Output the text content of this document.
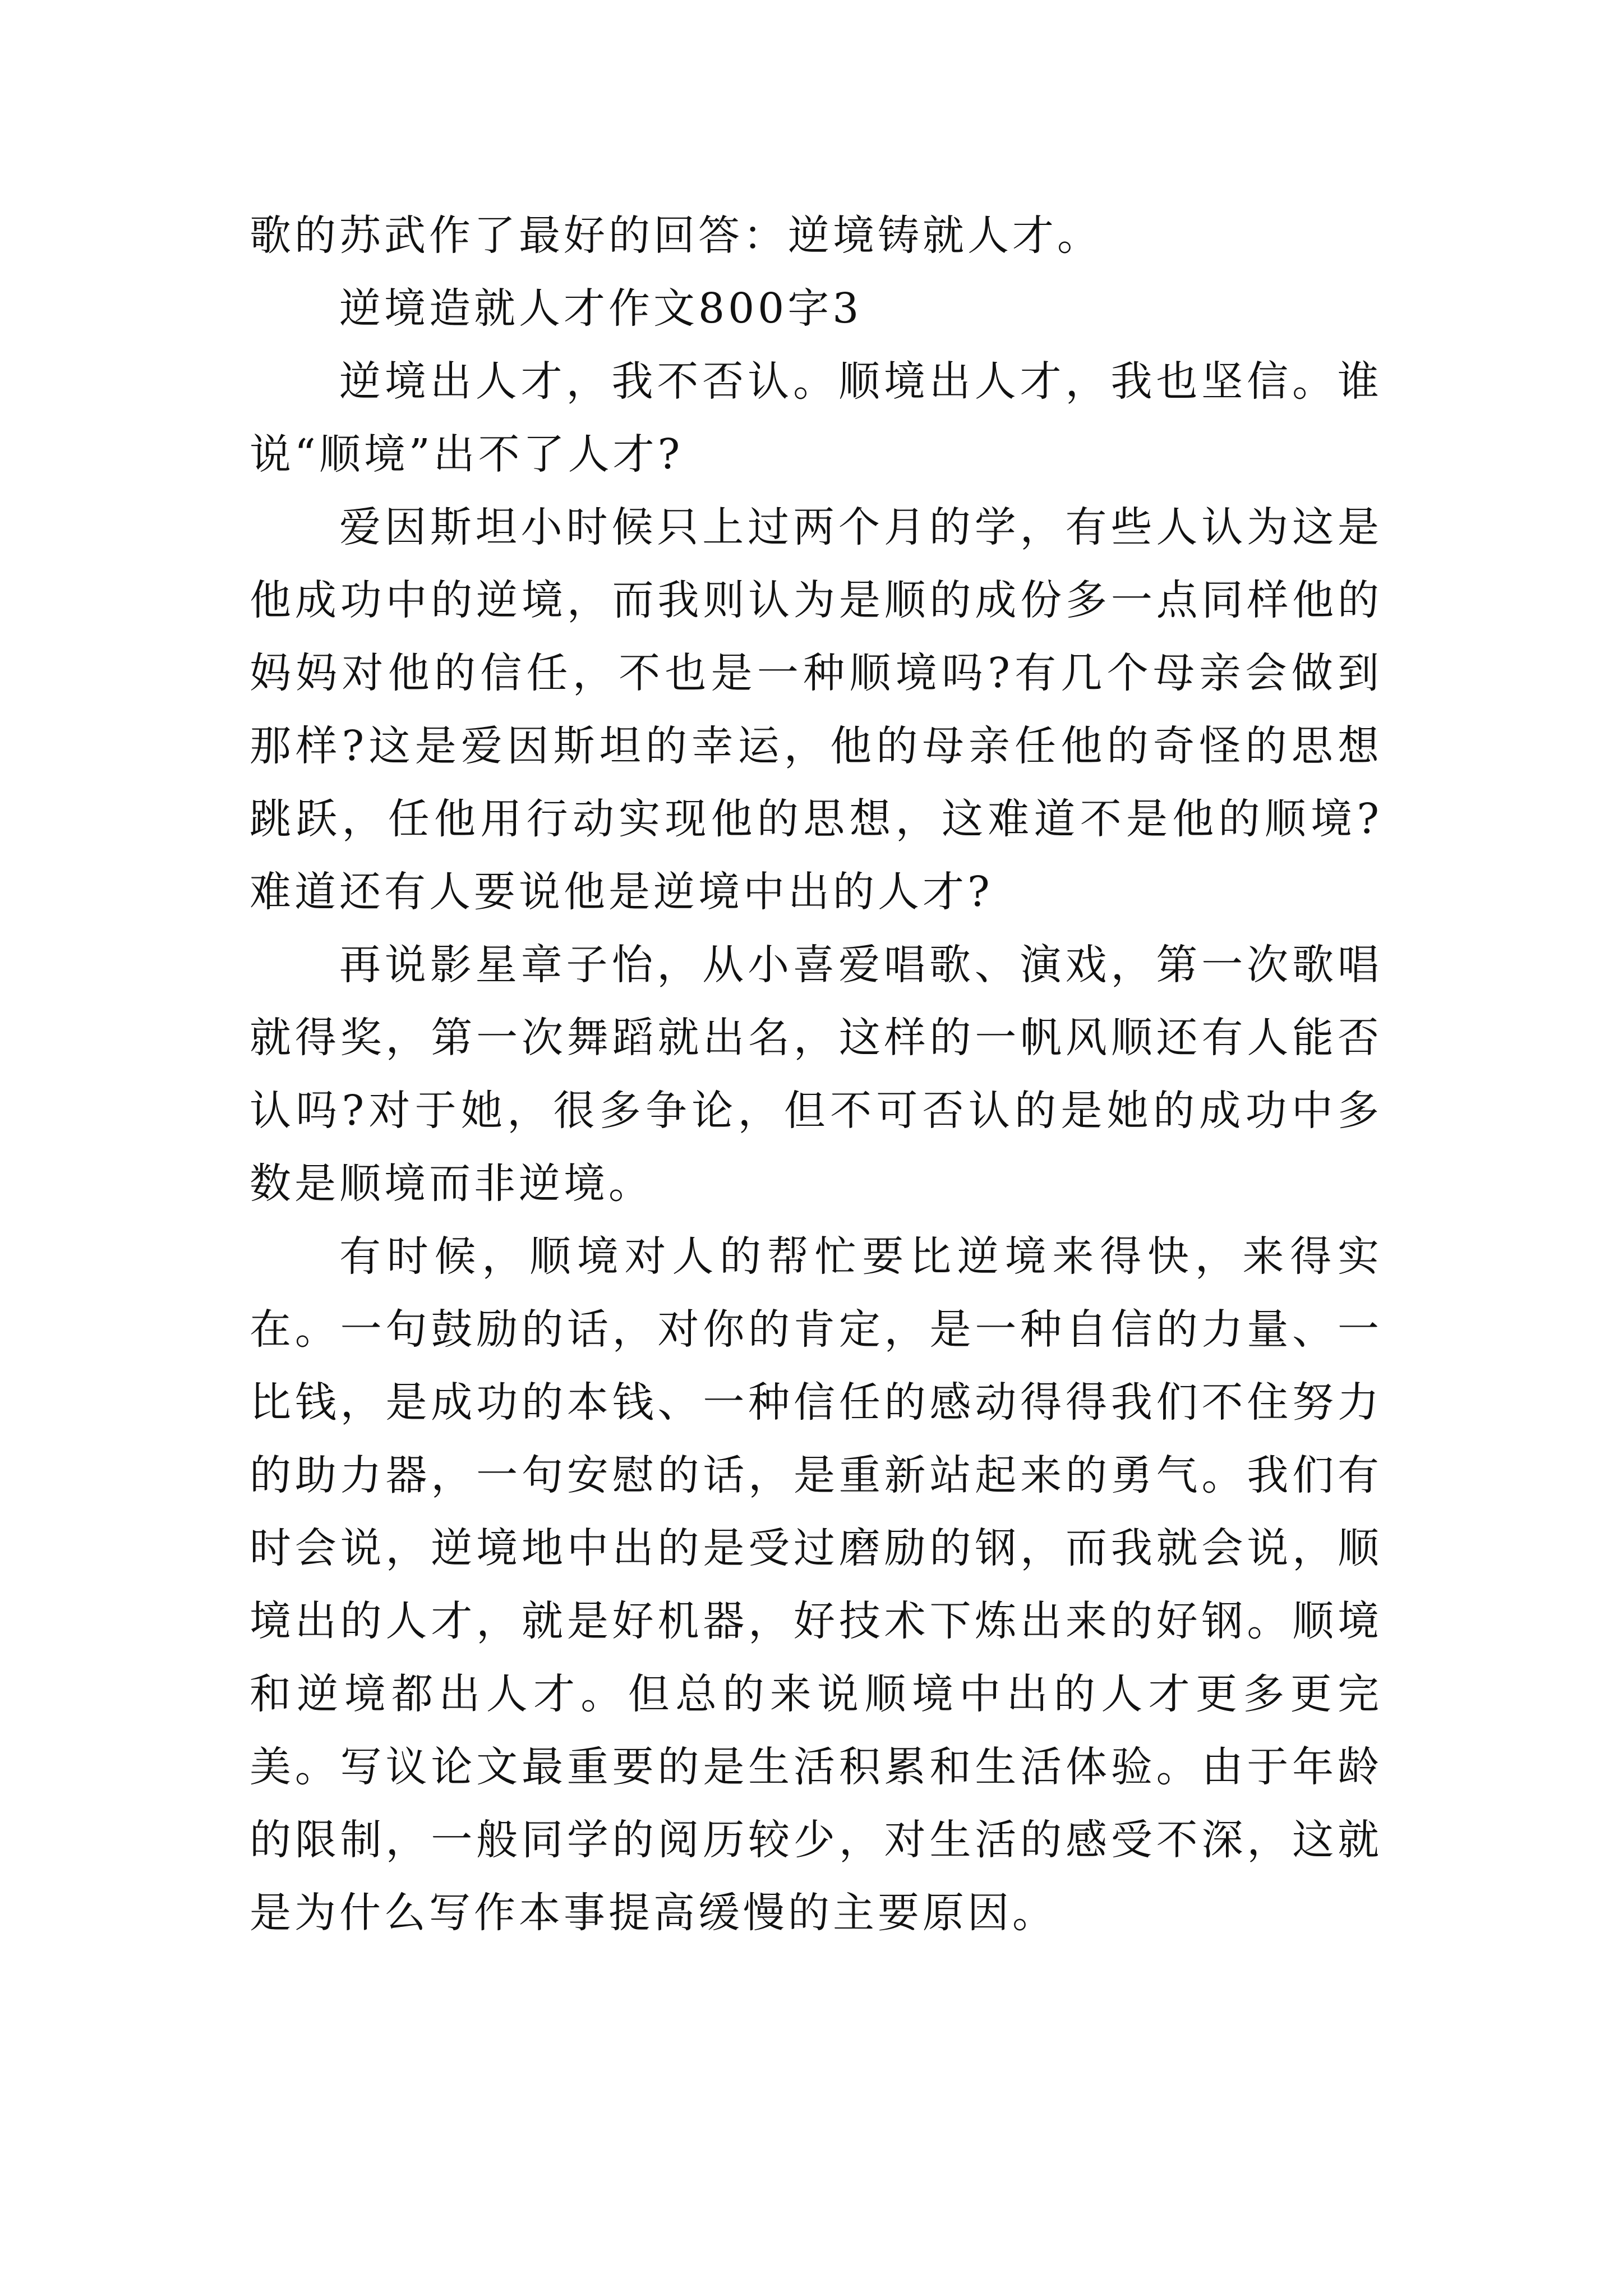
歌的苏武作了最好的回答：逆境铸就人才。

逆境造就人才作文800字3

逆境出人才，我不否认。顺境出人才，我也坚信。谁说“顺境”出不了人才?

爱因斯坦小时候只上过两个月的学，有些人认为这是他成功中的逆境，而我则认为是顺的成份多一点同样他的妈妈对他的信任，不也是一种顺境吗?有几个母亲会做到那样?这是爱因斯坦的幸运，他的母亲任他的奇怪的思想跳跃，任他用行动实现他的思想，这难道不是他的顺境?难道还有人要说他是逆境中出的人才?

再说影星章子怡，从小喜爱唱歌、演戏，第一次歌唱就得奖，第一次舞蹈就出名，这样的一帆风顺还有人能否认吗?对于她，很多争论，但不可否认的是她的成功中多数是顺境而非逆境。

有时候，顺境对人的帮忙要比逆境来得快，来得实在。一句鼓励的话，对你的肯定，是一种自信的力量、一比钱，是成功的本钱、一种信任的感动得得我们不住努力的助力器，一句安慰的话，是重新站起来的勇气。我们有时会说，逆境地中出的是受过磨励的钢，而我就会说，顺境出的人才，就是好机器，好技术下炼出来的好钢。顺境和逆境都出人才。但总的来说顺境中出的人才更多更完美。写议论文最重要的是生活积累和生活体验。由于年龄的限制，一般同学的阅历较少，对生活的感受不深，这就是为什么写作本事提高缓慢的主要原因。
